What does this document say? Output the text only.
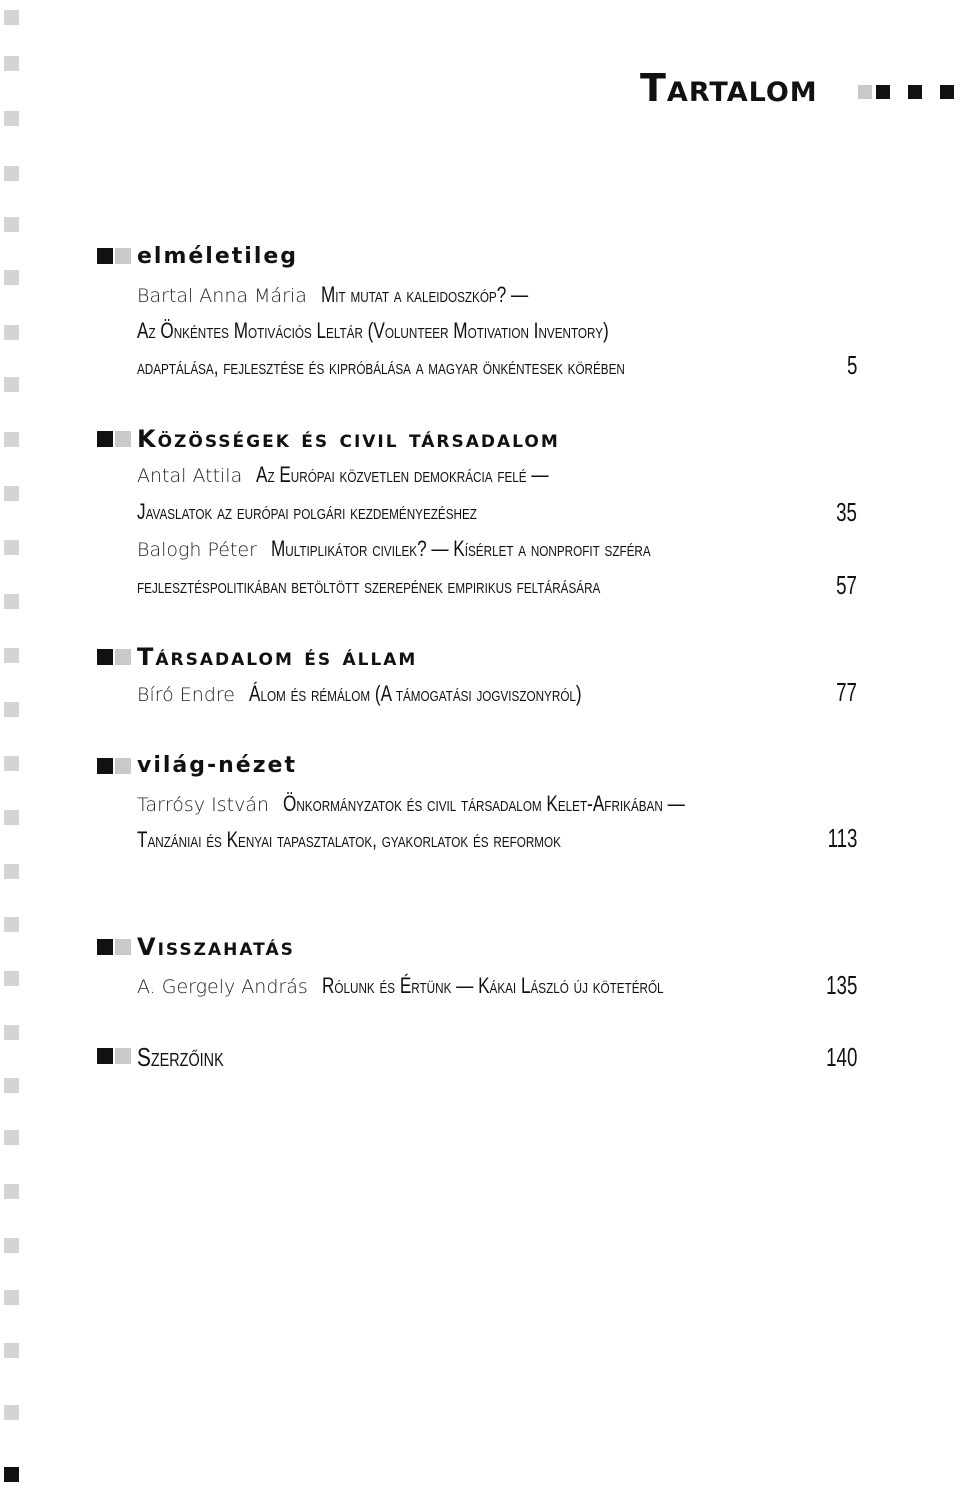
Tartalom
elméletileg
Bartal Anna Mária Mit mutat a kaleidoszkóp? —
Az Önkéntes Motivációs Leltár (Volunteer Motivation Inventory)
adaptálása, fejlesztése és kipróbálása a magyar önkéntesek körében	5
Közösségek és civil társadalom
Antal Attila Az Európai közvetlen demokrácia felé —
Javaslatok az európai polgári kezdeményezéshez	35
Balogh Péter Multiplikátor civilek? — Kísérlet a nonprofit szféra
fejlesztéspolitikában betöltött szerepének empirikus feltárására	57
Társadalom és állam
Bíró Endre Álom és rémálom (A támogatási jogviszonyról)	77
világ-nézet
Tarrósy István Önkormányzatok és civil társadalom Kelet-Afrikában —
Tanzániai és Kenyai tapasztalatok, gyakorlatok és reformok	113
Visszahatás
A. Gergely András Rólunk és Értünk — Kákai László új kötetéről	135
Szerzőink	140
